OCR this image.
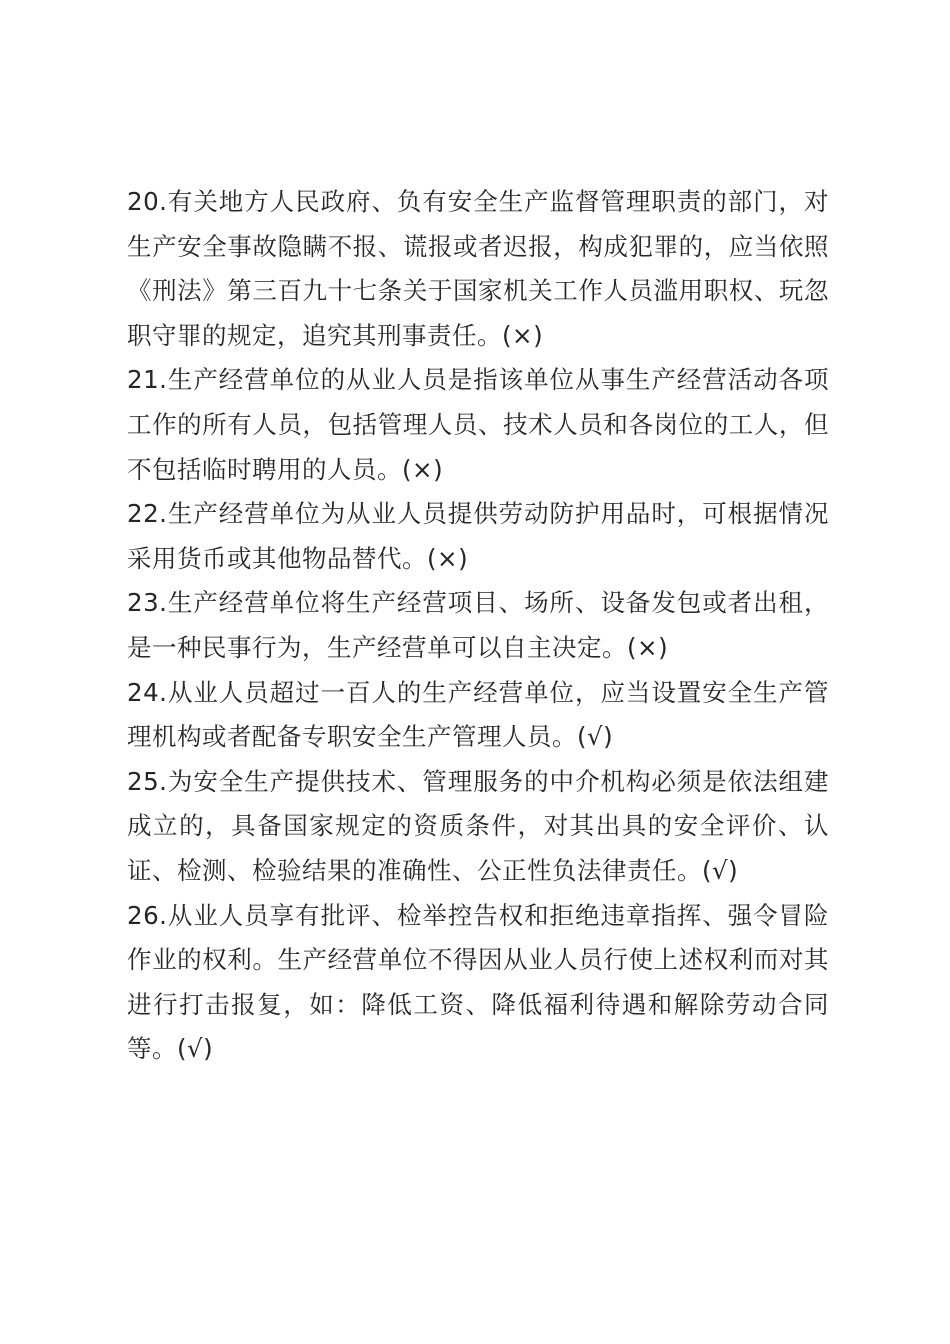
20.有关地方人民政府、负有安全生产监督管理职责的部门，对生产安全事故隐瞒不报、谎报或者迟报，构成犯罪的，应当依照《刑法》第三百九十七条关于国家机关工作人员滥用职权、玩忽职守罪的规定，追究其刑事责任。(×)

21.生产经营单位的从业人员是指该单位从事生产经营活动各项工作的所有人员，包括管理人员、技术人员和各岗位的工人，但不包括临时聘用的人员。(×)

22.生产经营单位为从业人员提供劳动防护用品时，可根据情况采用货币或其他物品替代。(×)

23.生产经营单位将生产经营项目、场所、设备发包或者出租，是一种民事行为，生产经营单可以自主决定。(×)

24.从业人员超过一百人的生产经营单位，应当设置安全生产管理机构或者配备专职安全生产管理人员。(√)

25.为安全生产提供技术、管理服务的中介机构必须是依法组建成立的，具备国家规定的资质条件，对其出具的安全评价、认证、检测、检验结果的准确性、公正性负法律责任。(√)

26.从业人员享有批评、检举控告权和拒绝违章指挥、强令冒险作业的权利。生产经营单位不得因从业人员行使上述权利而对其进行打击报复，如：降低工资、降低福利待遇和解除劳动合同等。(√)
